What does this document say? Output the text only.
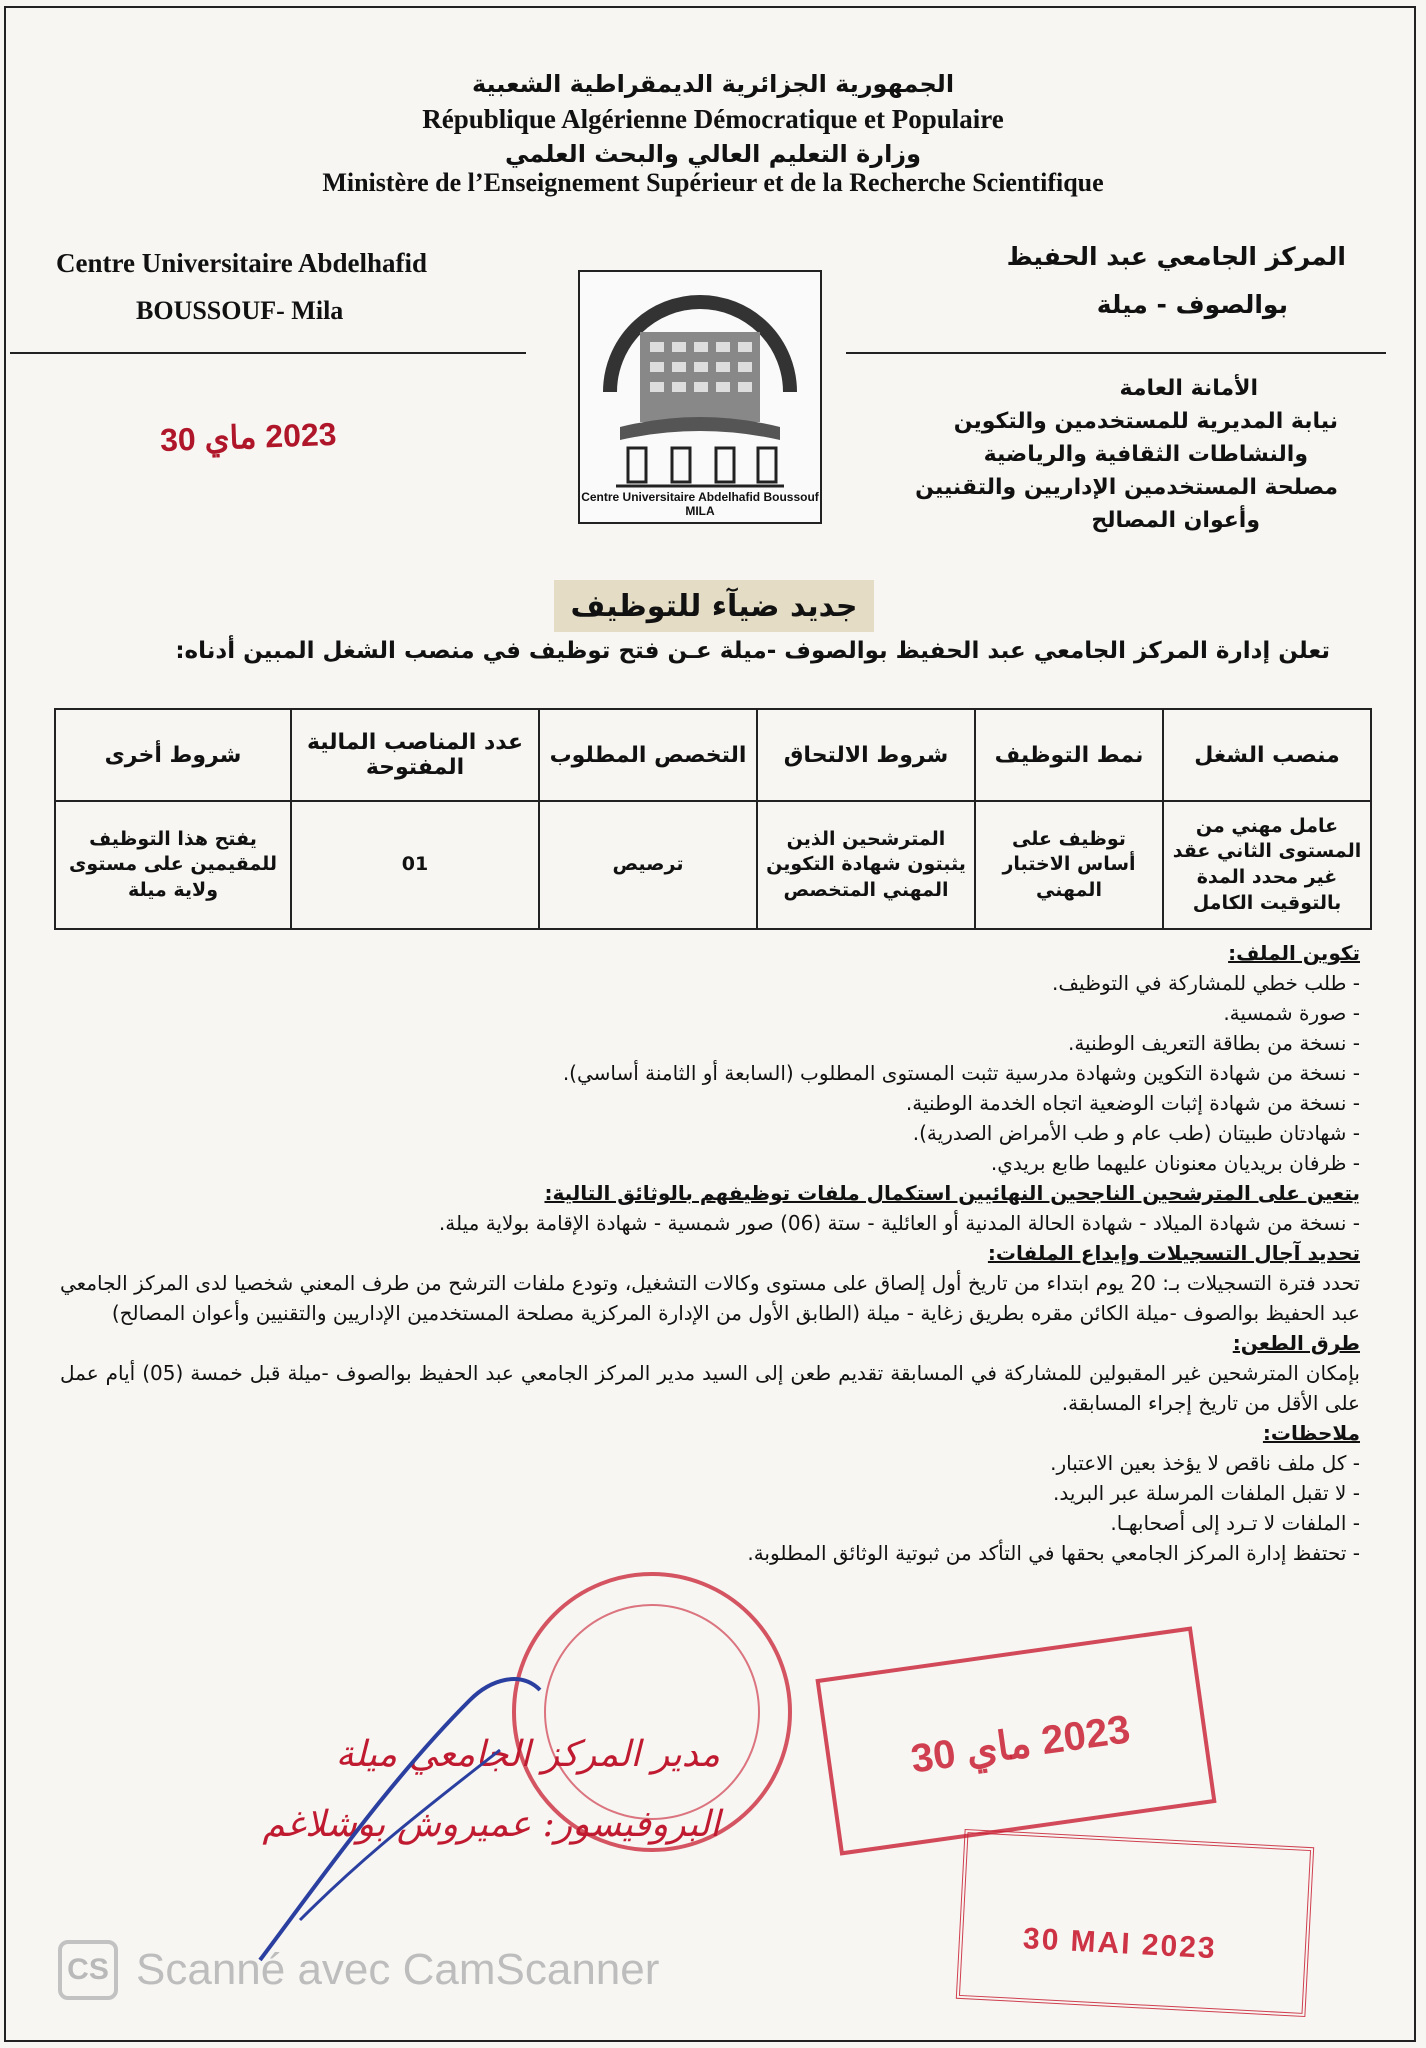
الجمهورية الجزائرية الديمقراطية الشعبية
République Algérienne Démocratique et Populaire
وزارة التعليم العالي والبحث العلمي
Ministère de l’Enseignement Supérieur et de la Recherche Scientifique
Centre Universitaire Abdelhafid
BOUSSOUF- Mila
المركز الجامعي عبد الحفيظ
بوالصوف - ميلة
Centre Universitaire Abdelhafid Boussouf MILA
الأمانة العامة
نيابة المديرية للمستخدمين والتكوين
والنشاطات الثقافية والرياضية
مصلحة المستخدمين الإداريين والتقنيين
وأعوان المصالح
2023 ماي 30
جديد ضيآء للتوظيف
تعلن إدارة المركز الجامعي عبد الحفيظ بوالصوف -ميلة عـن فتح توظيف في منصب الشغل المبين أدناه:
منصب الشغل	نمط التوظيف	شروط الالتحاق	التخصص المطلوب	عدد المناصب المالية المفتوحة	شروط أخرى
عامل مهني من المستوى الثاني عقد غير محدد المدة بالتوقيت الكامل	توظيف على أساس الاختبار المهني	المترشحين الذين يثبتون شهادة التكوين المهني المتخصص	ترصيص	01	يفتح هذا التوظيف للمقيمين على مستوى ولاية ميلة
تكوين الملف:
- طلب خطي للمشاركة في التوظيف.
- صورة شمسية.
- نسخة من بطاقة التعريف الوطنية.
- نسخة من شهادة التكوين وشهادة مدرسية تثبت المستوى المطلوب (السابعة أو الثامنة أساسي).
- نسخة من شهادة إثبات الوضعية اتجاه الخدمة الوطنية.
- شهادتان طبيتان (طب عام و طب الأمراض الصدرية).
- ظرفان بريديان معنونان عليهما طابع بريدي.
يتعين على المترشحين الناجحين النهائيين استكمال ملفات توظيفهم بالوثائق التالية:
- نسخة من شهادة الميلاد - شهادة الحالة المدنية أو العائلية - ستة (06) صور شمسية - شهادة الإقامة بولاية ميلة.
تحديد آجال التسجيلات وإيداع الملفات:
تحدد فترة التسجيلات بـ: 20 يوم ابتداء من تاريخ أول إلصاق على مستوى وكالات التشغيل، وتودع ملفات الترشح من طرف المعني شخصيا لدى المركز الجامعي عبد الحفيظ بوالصوف -ميلة الكائن مقره بطريق زغاية - ميلة (الطابق الأول من الإدارة المركزية مصلحة المستخدمين الإداريين والتقنيين وأعوان المصالح)
طرق الطعن:
بإمكان المترشحين غير المقبولين للمشاركة في المسابقة تقديم طعن إلى السيد مدير المركز الجامعي عبد الحفيظ بوالصوف -ميلة قبل خمسة (05) أيام عمل على الأقل من تاريخ إجراء المسابقة.
ملاحظات:
- كل ملف ناقص لا يؤخذ بعين الاعتبار.
- لا تقبل الملفات المرسلة عبر البريد.
- الملفات لا تـرد إلى أصحابهـا.
- تحتفظ إدارة المركز الجامعي بحقها في التأكد من ثبوتية الوثائق المطلوبة.
2023 ماي 30
مدير المركز الجامعي ميلة
البروفيسور: عميروش بوشلاغم
30 MAI 2023
CS Scanné avec CamScanner
